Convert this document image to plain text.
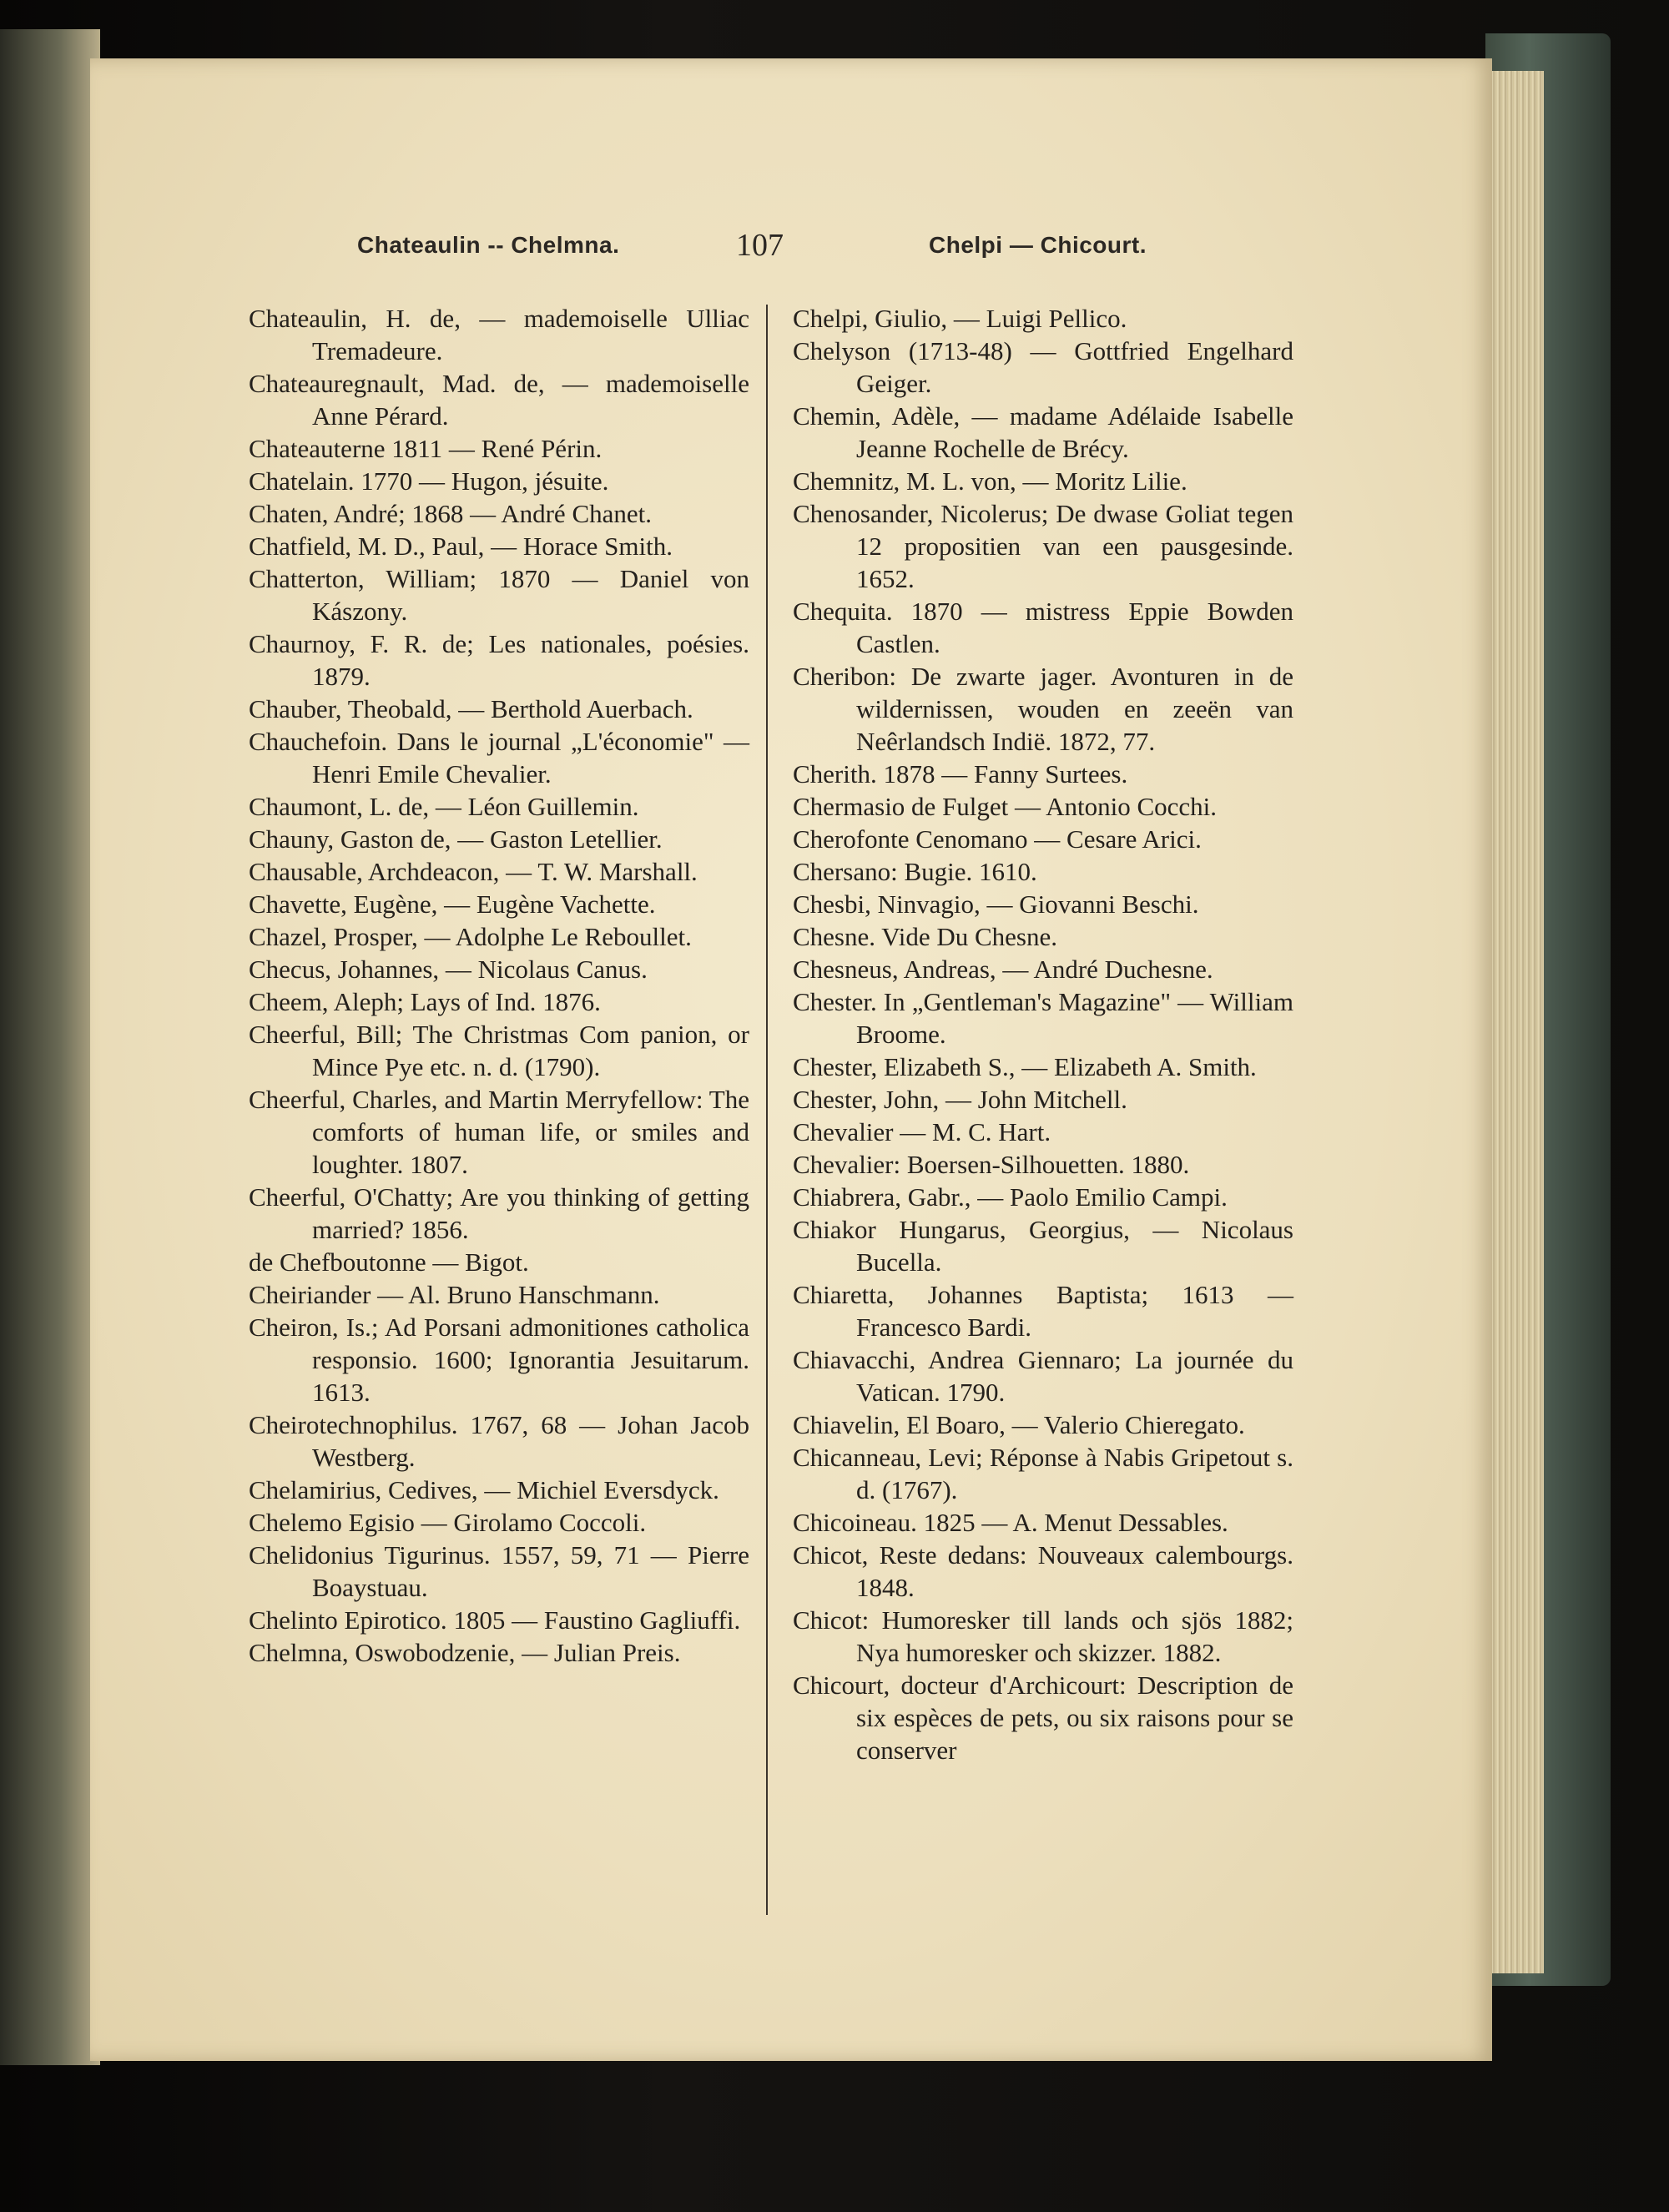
Chateaulin -- Chelmna.	107	Chelpi — Chicourt.

Chateaulin, H. de, — mademoiselle Ulliac Tremadeure.

Chateauregnault, Mad. de, — mademoiselle Anne Pérard.

Chateauterne 1811 — René Périn.

Chatelain. 1770 — Hugon, jésuite.

Chaten, André; 1868 — André Chanet.

Chatfield, M. D., Paul, — Horace Smith.

Chatterton, William; 1870 — Daniel von Kászony.

Chaurnoy, F. R. de; Les nationales, poésies. 1879.

Chauber, Theobald, — Berthold Auerbach.

Chauchefoin. Dans le journal „L'économie" — Henri Emile Chevalier.

Chaumont, L. de, — Léon Guillemin.

Chauny, Gaston de, — Gaston Letellier.

Chausable, Archdeacon, — T. W. Marshall.

Chavette, Eugène, — Eugène Vachette.

Chazel, Prosper, — Adolphe Le Reboullet.

Checus, Johannes, — Nicolaus Canus.

Cheem, Aleph; Lays of Ind. 1876.

Cheerful, Bill; The Christmas Com panion, or Mince Pye etc. n. d. (1790).

Cheerful, Charles, and Martin Merryfellow: The comforts of human life, or smiles and loughter. 1807.

Cheerful, O'Chatty; Are you thinking of getting married? 1856.

de Chefboutonne — Bigot.

Cheiriander — Al. Bruno Hanschmann.

Cheiron, Is.; Ad Porsani admonitiones catholica responsio. 1600; Ignorantia Jesuitarum. 1613.

Cheirotechnophilus. 1767, 68 — Johan Jacob Westberg.

Chelamirius, Cedives, — Michiel Eversdyck.

Chelemo Egisio — Girolamo Coccoli.

Chelidonius Tigurinus. 1557, 59, 71 — Pierre Boaystuau.

Chelinto Epirotico. 1805 — Faustino Gagliuffi.

Chelmna, Oswobodzenie, — Julian Preis.

Chelpi, Giulio, — Luigi Pellico.

Chelyson (1713-48) — Gottfried Engelhard Geiger.

Chemin, Adèle, — madame Adélaide Isabelle Jeanne Rochelle de Brécy.

Chemnitz, M. L. von, — Moritz Lilie.

Chenosander, Nicolerus; De dwase Goliat tegen 12 propositien van een pausgesinde. 1652.

Chequita. 1870 — mistress Eppie Bowden Castlen.

Cheribon: De zwarte jager. Avonturen in de wildernissen, wouden en zeeën van Neêrlandsch Indië. 1872, 77.

Cherith. 1878 — Fanny Surtees.

Chermasio de Fulget — Antonio Cocchi.

Cherofonte Cenomano — Cesare Arici.

Chersano: Bugie. 1610.

Chesbi, Ninvagio, — Giovanni Beschi.

Chesne. Vide Du Chesne.

Chesneus, Andreas, — André Duchesne.

Chester. In „Gentleman's Magazine" — William Broome.

Chester, Elizabeth S., — Elizabeth A. Smith.

Chester, John, — John Mitchell.

Chevalier — M. C. Hart.

Chevalier: Boersen-Silhouetten. 1880.

Chiabrera, Gabr., — Paolo Emilio Campi.

Chiakor Hungarus, Georgius, — Nicolaus Bucella.

Chiaretta, Johannes Baptista; 1613 — Francesco Bardi.

Chiavacchi, Andrea Giennaro; La journée du Vatican. 1790.

Chiavelin, El Boaro, — Valerio Chieregato.

Chicanneau, Levi; Réponse à Nabis Gripetout s. d. (1767).

Chicoineau. 1825 — A. Menut Dessables.

Chicot, Reste dedans: Nouveaux calembourgs. 1848.

Chicot: Humoresker till lands och sjös 1882; Nya humoresker och skizzer. 1882.

Chicourt, docteur d'Archicourt: Description de six espèces de pets, ou six raisons pour se conserver
